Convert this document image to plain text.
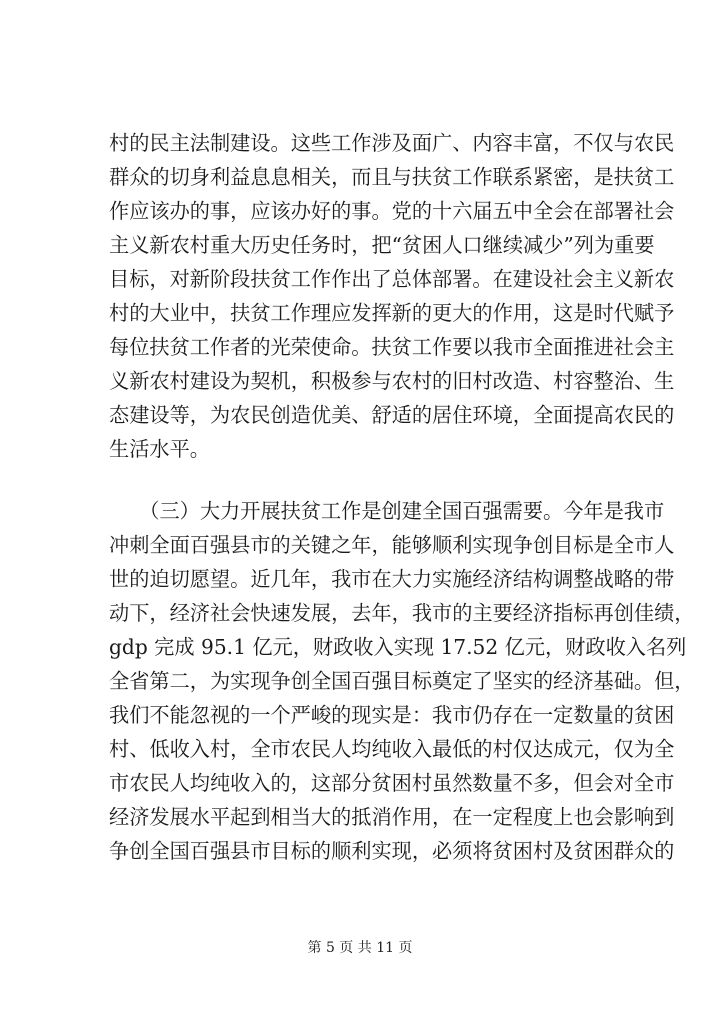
村的民主法制建设。这些工作涉及面广、内容丰富，不仅与农民
群众的切身利益息息相关，而且与扶贫工作联系紧密，是扶贫工
作应该办的事，应该办好的事。党的十六届五中全会在部署社会
主义新农村重大历史任务时，把“贫困人口继续减少”列为重要
目标，对新阶段扶贫工作作出了总体部署。在建设社会主义新农
村的大业中，扶贫工作理应发挥新的更大的作用，这是时代赋予
每位扶贫工作者的光荣使命。扶贫工作要以我市全面推进社会主
义新农村建设为契机，积极参与农村的旧村改造、村容整治、生
态建设等，为农民创造优美、舒适的居住环境，全面提高农民的
生活水平。
　　（三）大力开展扶贫工作是创建全国百强需要。今年是我市
冲刺全面百强县市的关键之年，能够顺利实现争创目标是全市人
世的迫切愿望。近几年，我市在大力实施经济结构调整战略的带
动下，经济社会快速发展，去年，我市的主要经济指标再创佳绩，
gdp 完成 95.1 亿元，财政收入实现 17.52 亿元，财政收入名列
全省第二，为实现争创全国百强目标奠定了坚实的经济基础。但，
我们不能忽视的一个严峻的现实是：我市仍存在一定数量的贫困
村、低收入村，全市农民人均纯收入最低的村仅达成元，仅为全
市农民人均纯收入的，这部分贫困村虽然数量不多，但会对全市
经济发展水平起到相当大的抵消作用，在一定程度上也会影响到
争创全国百强县市目标的顺利实现，必须将贫困村及贫困群众的
第 5 页 共 11 页
